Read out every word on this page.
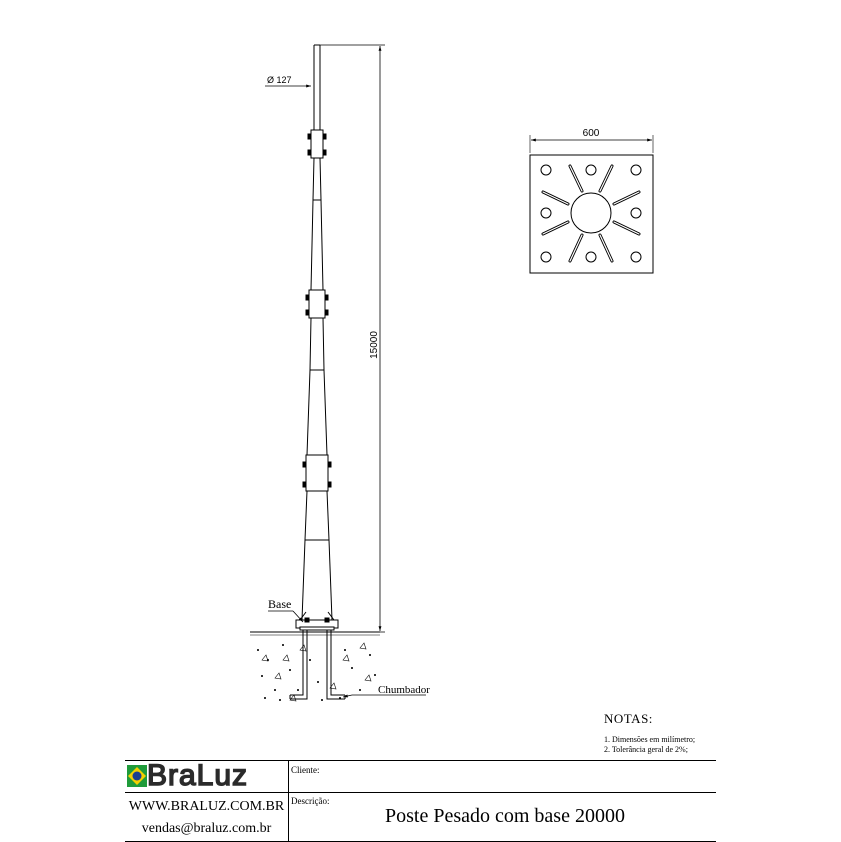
15000
Ø 127
Base
Chumbador
600
NOTAS:
1. Dimensões em milímetro;
2. Tolerância geral de 2%;
BraLuz	Cliente:
Descrição:
Poste Pesado com base 20000
WWW.BRALUZ.COM.BR
vendas@braluz.com.br
